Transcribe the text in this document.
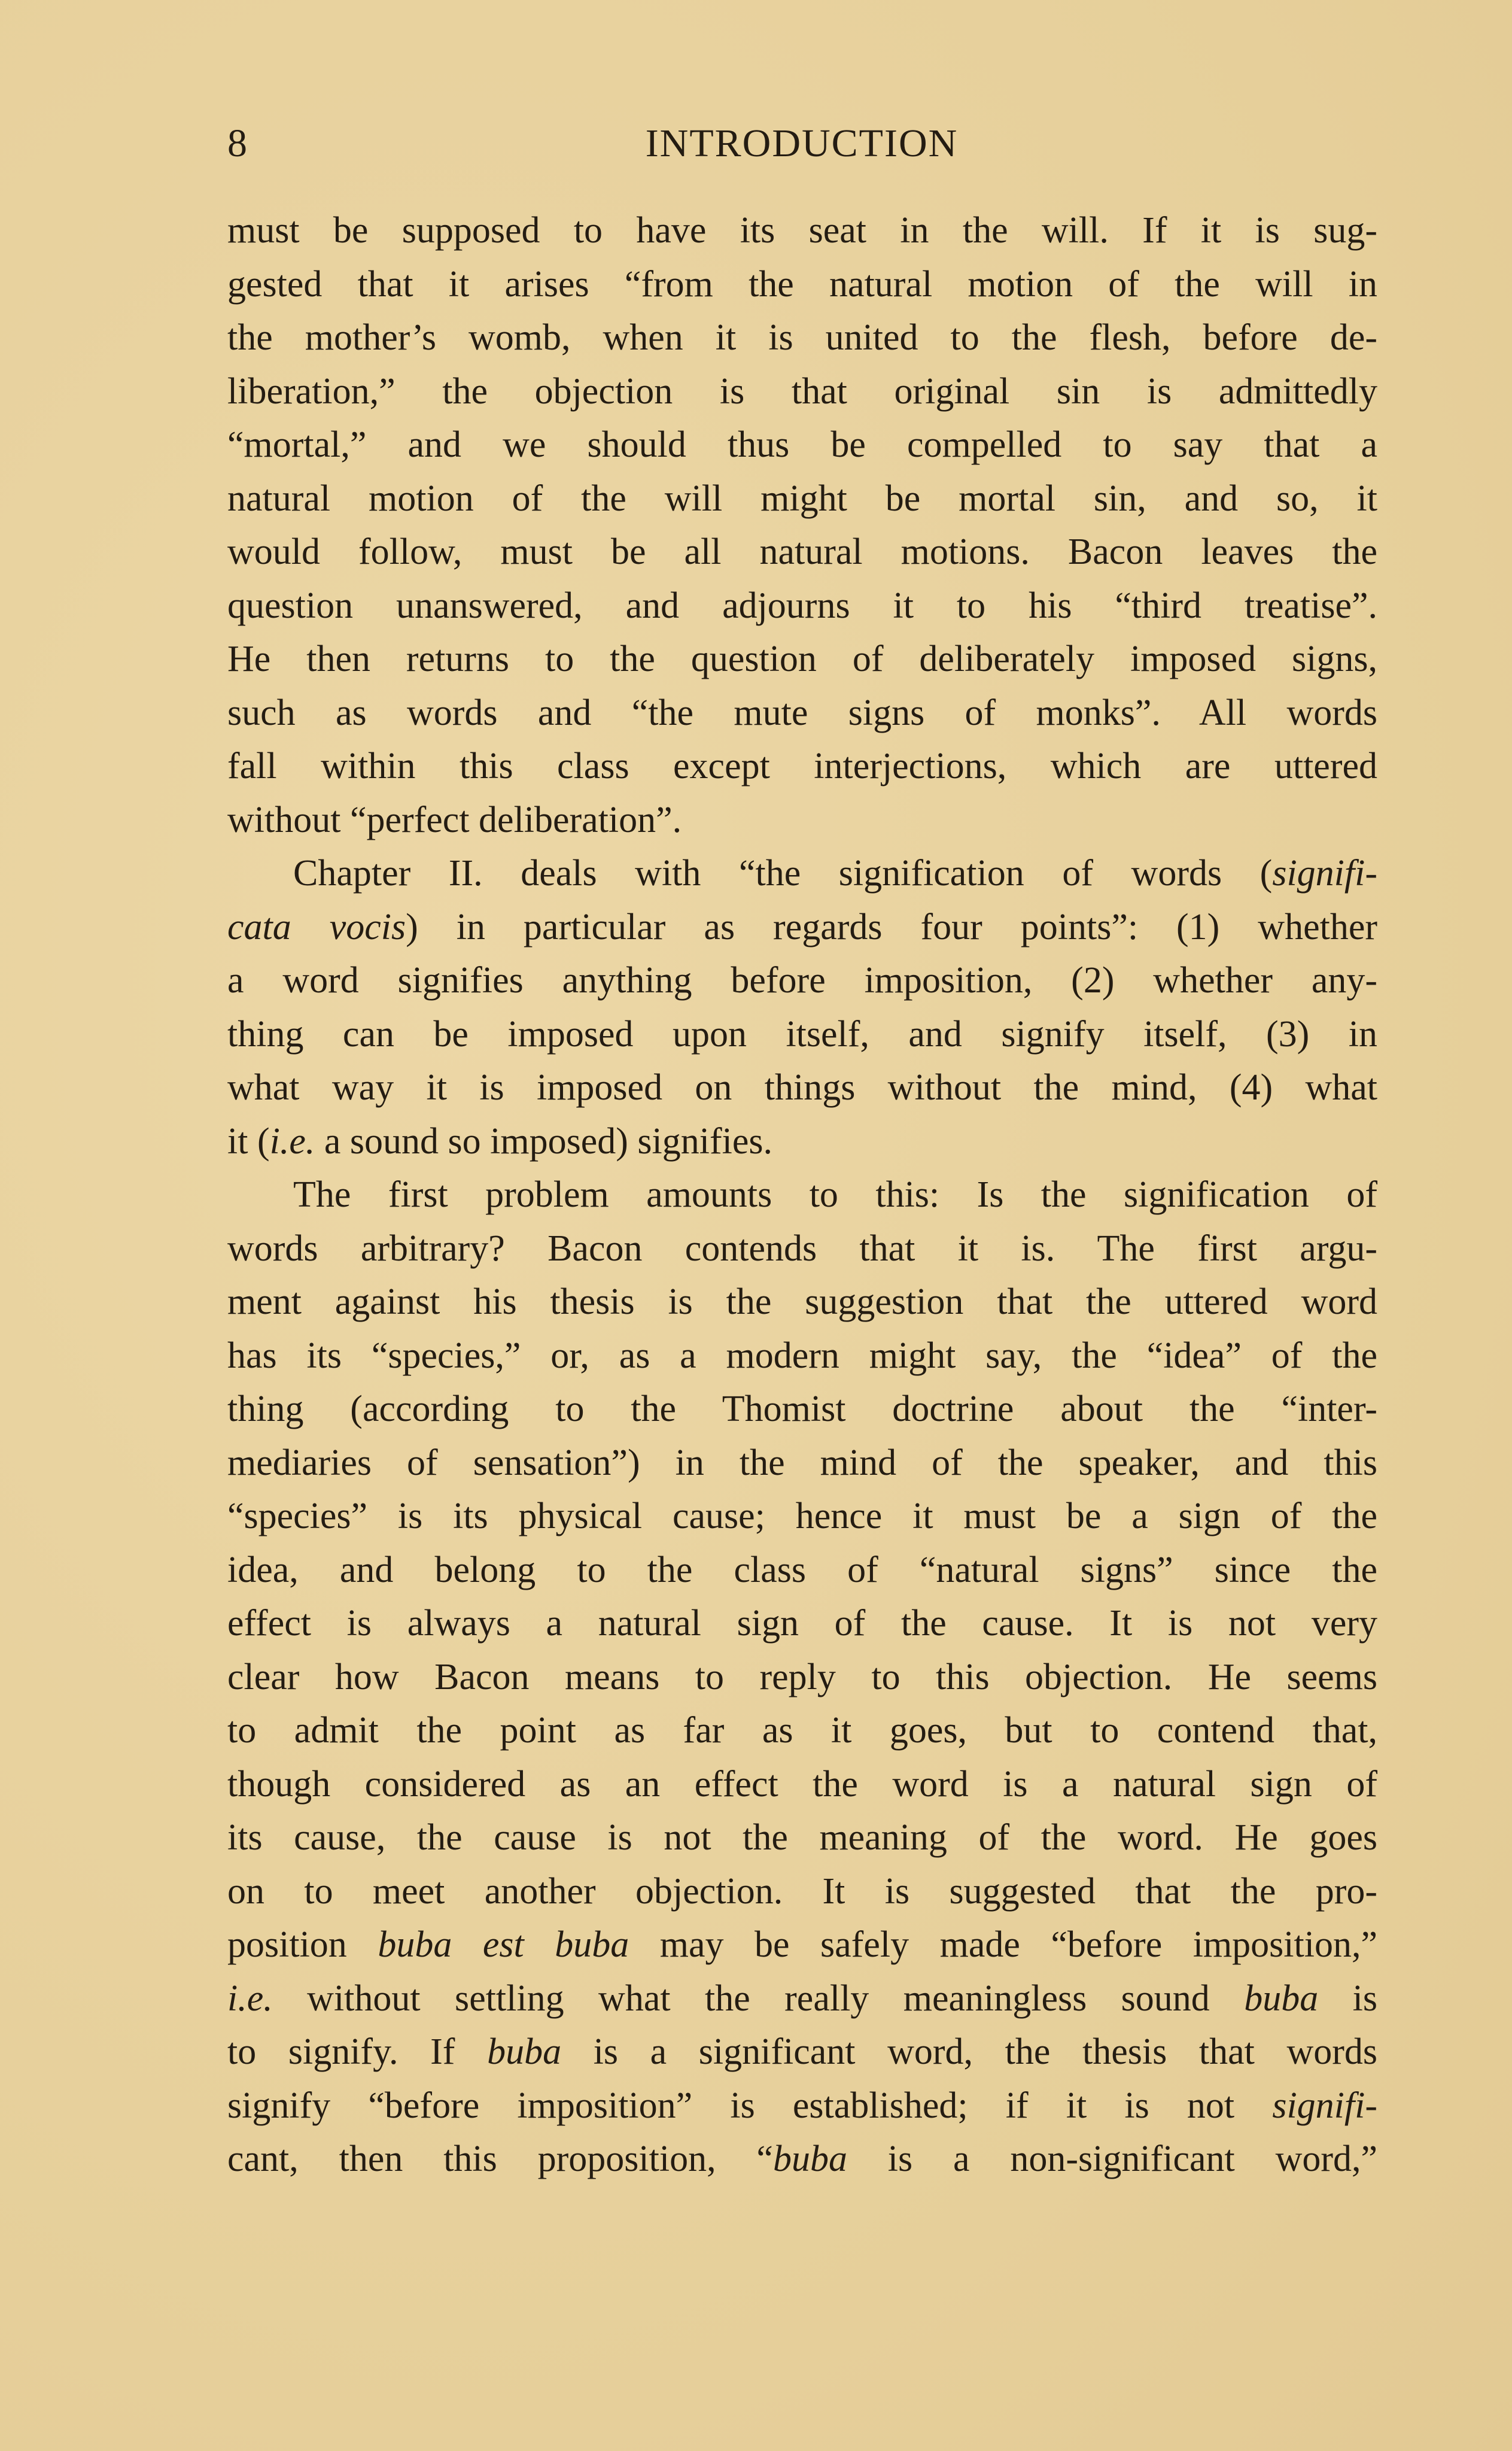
8	INTRODUCTION
must be supposed to have its seat in the will. If it is sug-
gested that it arises “from the natural motion of the will in
the mother’s womb, when it is united to the flesh, before de-
liberation,” the objection is that original sin is admittedly
“mortal,” and we should thus be compelled to say that a
natural motion of the will might be mortal sin, and so, it
would follow, must be all natural motions. Bacon leaves the
question unanswered, and adjourns it to his “third treatise”.
He then returns to the question of deliberately imposed signs,
such as words and “the mute signs of monks”. All words
fall within this class except interjections, which are uttered
without “perfect deliberation”.
Chapter II. deals with “the signification of words (signifi-
cata vocis) in particular as regards four points”: (1) whether
a word signifies anything before imposition, (2) whether any-
thing can be imposed upon itself, and signify itself, (3) in
what way it is imposed on things without the mind, (4) what
it (i.e. a sound so imposed) signifies.
The first problem amounts to this: Is the signification of
words arbitrary? Bacon contends that it is. The first argu-
ment against his thesis is the suggestion that the uttered word
has its “species,” or, as a modern might say, the “idea” of the
thing (according to the Thomist doctrine about the “inter-
mediaries of sensation”) in the mind of the speaker, and this
“species” is its physical cause; hence it must be a sign of the
idea, and belong to the class of “natural signs” since the
effect is always a natural sign of the cause. It is not very
clear how Bacon means to reply to this objection. He seems
to admit the point as far as it goes, but to contend that,
though considered as an effect the word is a natural sign of
its cause, the cause is not the meaning of the word. He goes
on to meet another objection. It is suggested that the pro-
position buba est buba may be safely made “before imposition,”
i.e. without settling what the really meaningless sound buba is
to signify. If buba is a significant word, the thesis that words
signify “before imposition” is established; if it is not signifi-
cant, then this proposition, “buba is a non-significant word,”
